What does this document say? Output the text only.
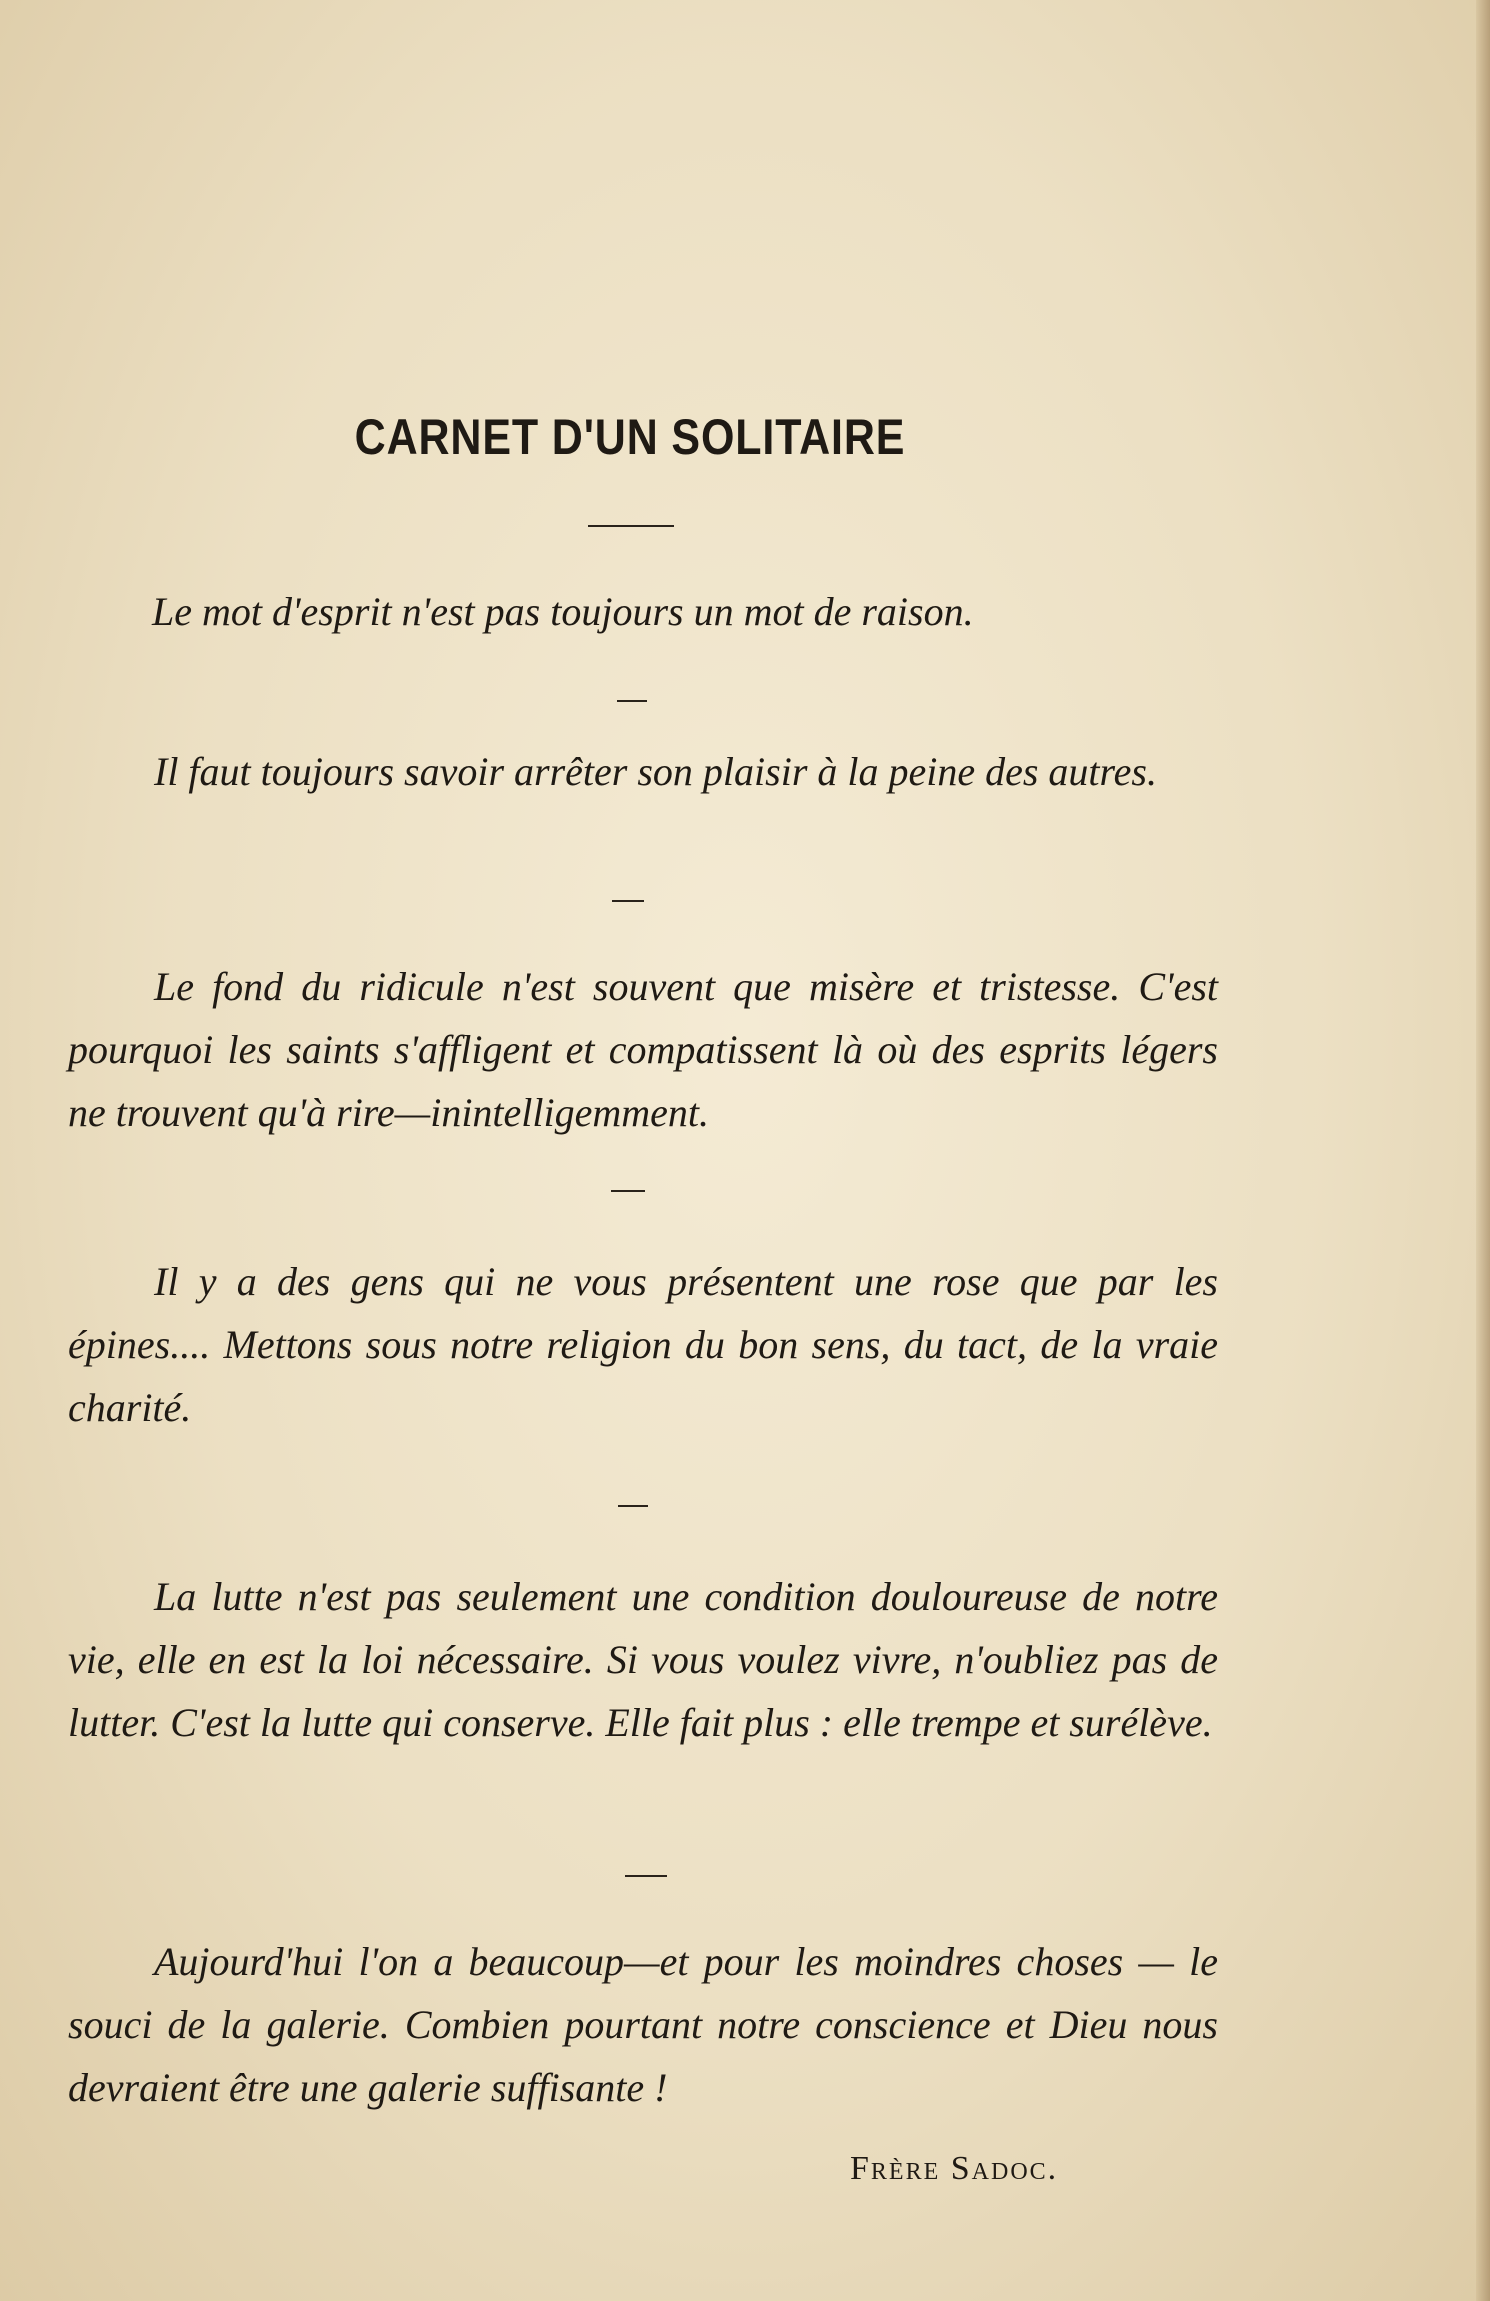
CARNET D'UN SOLITAIRE

Le mot d'esprit n'est pas toujours un mot de raison.

Il faut toujours savoir arrêter son plaisir à la peine des autres.

Le fond du ridicule n'est souvent que misère et tristesse. C'est pourquoi les saints s'affligent et compatissent là où des esprits légers ne trouvent qu'à rire—inintelligemment.

Il y a des gens qui ne vous présentent une rose que par les épines.... Mettons sous notre religion du bon sens, du tact, de la vraie charité.

La lutte n'est pas seulement une condition douloureuse de notre vie, elle en est la loi nécessaire. Si vous voulez vivre, n'oubliez pas de lutter. C'est la lutte qui conserve. Elle fait plus : elle trempe et surélève.

Aujourd'hui l'on a beaucoup—et pour les moindres choses — le souci de la galerie. Combien pourtant notre conscience et Dieu nous devraient être une galerie suffisante !

Frère Sadoc.
